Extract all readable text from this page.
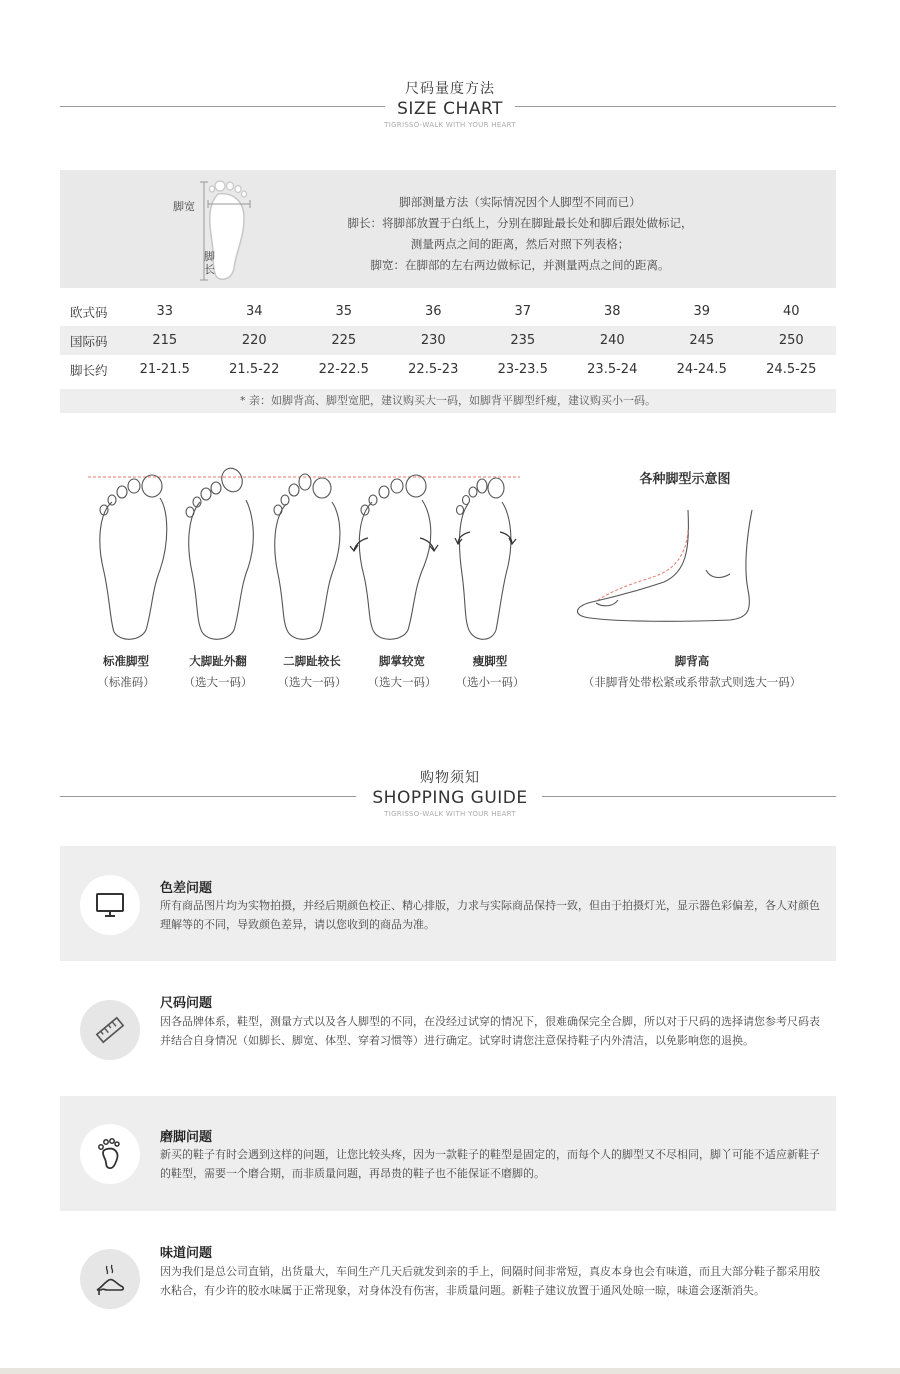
尺码量度方法
SIZE CHART
TIGRISSO-WALK WITH YOUR HEART
脚宽
脚长
脚部测量方法（实际情况因个人脚型不同而已）
脚长：将脚部放置于白纸上，分别在脚趾最长处和脚后跟处做标记，
测量两点之间的距离，然后对照下列表格；
脚宽：在脚部的左右两边做标记，并测量两点之间的距离。
欧式码	33	34	35	36	37	38	39	40
国际码	215	220	225	230	235	240	245	250
脚长约	21-21.5	21.5-22	22-22.5	22.5-23	23-23.5	23.5-24	24-24.5	24.5-25
* 亲：如脚背高、脚型宽肥，建议购买大一码，如脚背平脚型纤瘦，建议购买小一码。
各种脚型示意图
标准脚型
（标准码）
大脚趾外翻
（选大一码）
二脚趾较长
（选大一码）
脚掌较宽
（选大一码）
瘦脚型
（选小一码）
脚背高
（非脚背处带松紧或系带款式则选大一码）
购物须知
SHOPPING GUIDE
TIGRISSO-WALK WITH YOUR HEART
色差问题
所有商品图片均为实物拍摄，并经后期颜色校正、精心排版，力求与实际商品保持一致，但由于拍摄灯光，显示器色彩偏差，各人对颜色理解等的不同，导致颜色差异，请以您收到的商品为准。
尺码问题
因各品牌体系，鞋型，测量方式以及各人脚型的不同，在没经过试穿的情况下，很难确保完全合脚，所以对于尺码的选择请您参考尺码表并结合自身情况（如脚长、脚宽、体型、穿着习惯等）进行确定。试穿时请您注意保持鞋子内外清洁，以免影响您的退换。
磨脚问题
新买的鞋子有时会遇到这样的问题，让您比较头疼，因为一款鞋子的鞋型是固定的，而每个人的脚型又不尽相同，脚丫可能不适应新鞋子的鞋型，需要一个磨合期，而非质量问题，再昂贵的鞋子也不能保证不磨脚的。
味道问题
因为我们是总公司直销，出货量大，车间生产几天后就发到亲的手上，间隔时间非常短，真皮本身也会有味道，而且大部分鞋子都采用胶水粘合，有少许的胶水味属于正常现象，对身体没有伤害，非质量问题。新鞋子建议放置于通风处晾一晾，味道会逐渐消失。
